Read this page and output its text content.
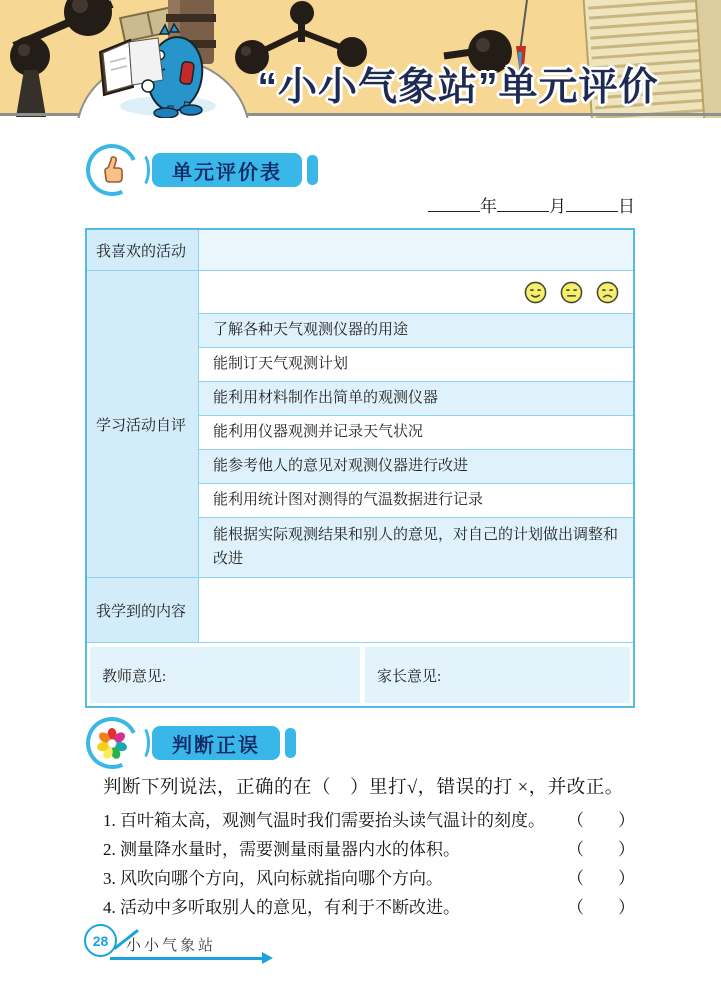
“小小气象站”单元评价
单元评价表
年	月	日
我喜欢的活动
学习活动自评
了解各种天气观测仪器的用途
能制订天气观测计划
能利用材料制作出简单的观测仪器
能利用仪器观测并记录天气状况
能参考他人的意见对观测仪器进行改进
能利用统计图对测得的气温数据进行记录
能根据实际观测结果和别人的意见，对自己的计划做出调整和改进
我学到的内容
教师意见:	家长意见:
判断正误
判断下列说法，正确的在（　）里打√，错误的打 ×，并改正。
1. 百叶箱太高，观测气温时我们需要抬头读气温计的刻度。 （　　）
2. 测量降水量时，需要测量雨量器内水的体积。	（　　）
3. 风吹向哪个方向，风向标就指向哪个方向。	（　　）
4. 活动中多听取别人的意见，有利于不断改进。	（　　）
28	小小气象站
